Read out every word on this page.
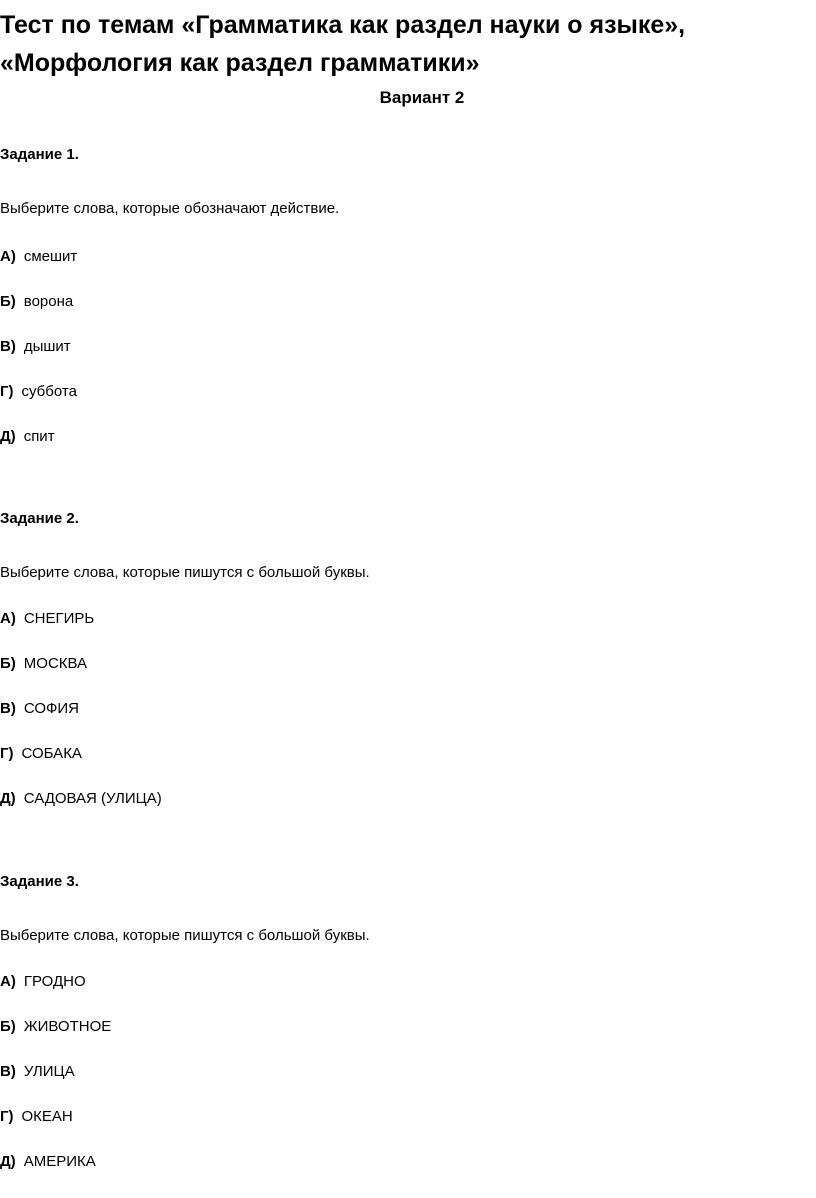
Тест по темам «Грамматика как раздел науки о языке», «Морфология как раздел грамматики»
Вариант 2
Задание 1.
Выберите слова, которые обозначают действие.
А) смешит
Б) ворона
В) дышит
Г) суббота
Д) спит
Задание 2.
Выберите слова, которые пишутся с большой буквы.
А) СНЕГИРЬ
Б) МОСКВА
В) СОФИЯ
Г) СОБАКА
Д) САДОВАЯ (УЛИЦА)
Задание 3.
Выберите слова, которые пишутся с большой буквы.
А) ГРОДНО
Б) ЖИВОТНОЕ
В) УЛИЦА
Г) ОКЕАН
Д) АМЕРИКА
